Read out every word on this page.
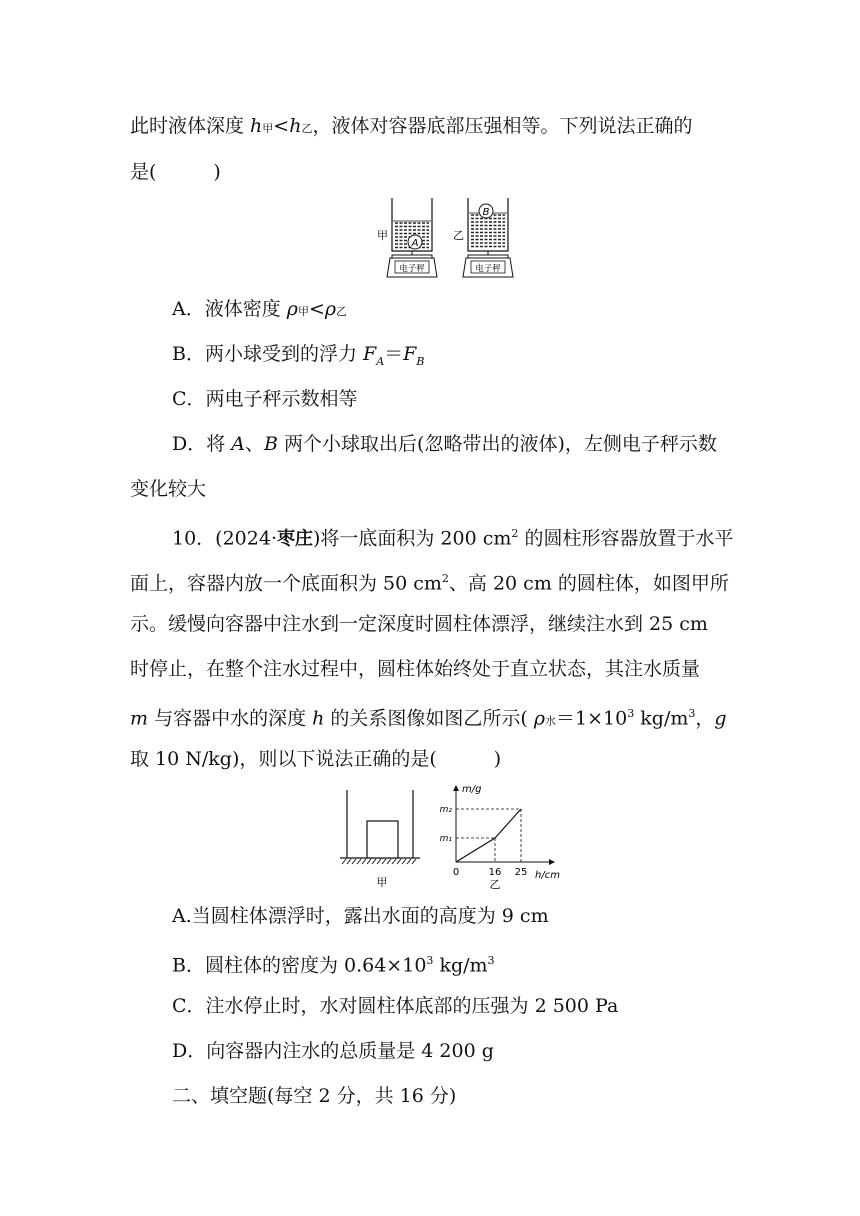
此时液体深度 h甲<h乙，液体对容器底部压强相等。下列说法正确的
是(　　　)
A
甲
电子秤
B
乙
电子秤
A．液体密度 ρ甲<ρ乙
B．两小球受到的浮力 $F_A=F_B$
C．两电子秤示数相等
D．将 A、B 两个小球取出后(忽略带出的液体)，左侧电子秤示数
变化较大
10．(2024·枣庄)将一底面积为 200 $cm^2$ 的圆柱形容器放置于水平
面上，容器内放一个底面积为 50 $cm^2$、高 20 cm 的圆柱体，如图甲所
示。缓慢向容器中注水到一定深度时圆柱体漂浮，继续注水到 25 cm
时停止，在整个注水过程中，圆柱体始终处于直立状态，其注水质量
m 与容器中水的深度 h 的关系图像如图乙所示( ρ水$=1\times 10^3$ $kg/m^3$，g
取 10 N/kg)，则以下说法正确的是(　　　)
甲
m/g
h/cm
m₂
m₁
0	16 25
乙
A.当圆柱体漂浮时，露出水面的高度为 9 cm
B．圆柱体的密度为 $0.64\times 10^3$ $kg/m^3$
C．注水停止时，水对圆柱体底部的压强为 2 500 Pa
D．向容器内注水的总质量是 4 200 g
二、填空题(每空 2 分，共 16 分)
